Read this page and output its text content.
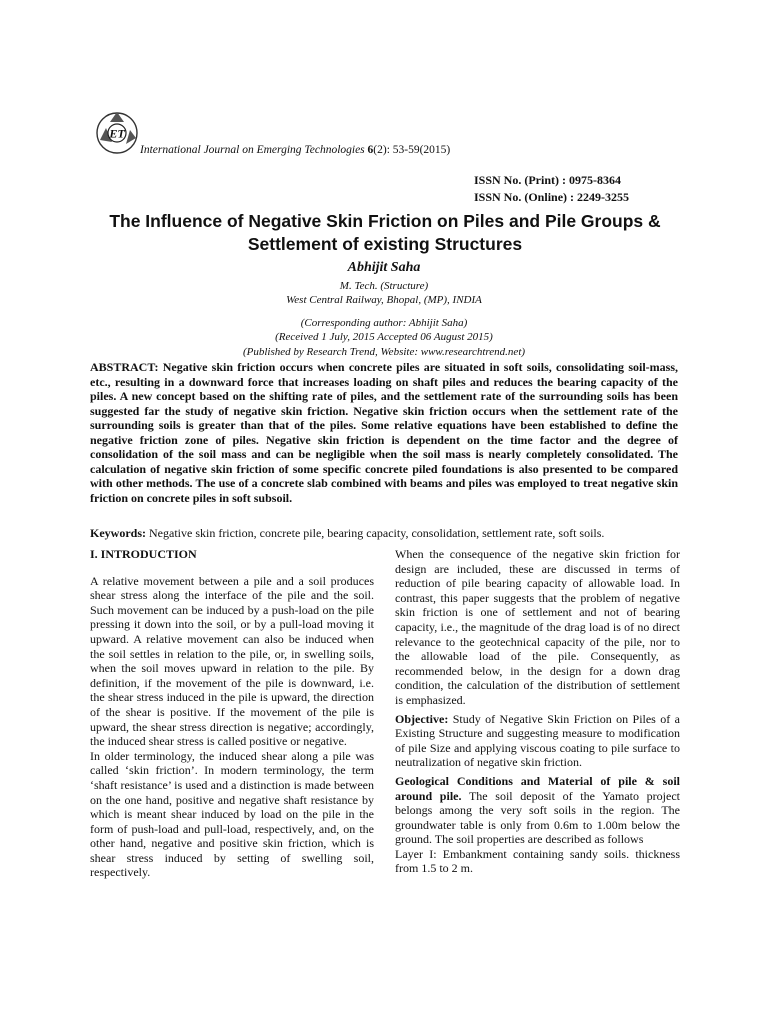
ET
International Journal on Emerging Technologies 6(2): 53-59(2015)
ISSN No. (Print) : 0975-8364
ISSN No. (Online) : 2249-3255
The Influence of Negative Skin Friction on Piles and Pile Groups &
Settlement of existing Structures
Abhijit Saha
M. Tech. (Structure)
West Central Railway, Bhopal, (MP), INDIA
(Corresponding author: Abhijit Saha)
(Received 1 July, 2015 Accepted 06 August 2015)
(Published by Research Trend, Website: www.researchtrend.net)
ABSTRACT: Negative skin friction occurs when concrete piles are situated in soft soils, consolidating soil-mass, etc., resulting in a downward force that increases loading on shaft piles and reduces the bearing capacity of the piles. A new concept based on the shifting rate of piles, and the settlement rate of the surrounding soils has been suggested far the study of negative skin friction. Negative skin friction occurs when the settlement rate of the surrounding soils is greater than that of the piles. Some relative equations have been established to define the negative friction zone of piles. Negative skin friction is dependent on the time factor and the degree of consolidation of the soil mass and can be negligible when the soil mass is nearly completely consolidated. The calculation of negative skin friction of some specific concrete piled foundations is also presented to be compared with other methods. The use of a concrete slab combined with beams and piles was employed to treat negative skin friction on concrete piles in soft subsoil.
Keywords: Negative skin friction, concrete pile, bearing capacity, consolidation, settlement rate, soft soils.
I. INTRODUCTION

A relative movement between a pile and a soil produces shear stress along the interface of the pile and the soil. Such movement can be induced by a push-load on the pile pressing it down into the soil, or by a pull-load moving it upward. A relative movement can also be induced when the soil settles in relation to the pile, or, in swelling soils, when the soil moves upward in relation to the pile. By definition, if the movement of the pile is downward, i.e. the shear stress induced in the pile is upward, the direction of the shear is positive. If the movement of the pile is upward, the shear stress direction is negative; accordingly, the induced shear stress is called positive or negative.

In older terminology, the induced shear along a pile was called ‘skin friction’. In modern terminology, the term ‘shaft resistance’ is used and a distinction is made between on the one hand, positive and negative shaft resistance by which is meant shear induced by load on the pile in the form of push-load and pull-load, respectively, and, on the other hand, negative and positive skin friction, which is shear stress induced by setting of swelling soil, respectively.

When the consequence of the negative skin friction for design are included, these are discussed in terms of reduction of pile bearing capacity of allowable load. In contrast, this paper suggests that the problem of negative skin friction is one of settlement and not of bearing capacity, i.e., the magnitude of the drag load is of no direct relevance to the geotechnical capacity of the pile, nor to the allowable load of the pile. Consequently, as recommended below, in the design for a down drag condition, the calculation of the distribution of settlement is emphasized.

Objective: Study of Negative Skin Friction on Piles of a Existing Structure and suggesting measure to modification of pile Size and applying viscous coating to pile surface to neutralization of negative skin friction.

Geological Conditions and Material of pile & soil around pile. The soil deposit of the Yamato project belongs among the very soft soils in the region. The groundwater table is only from 0.6m to 1.00m below the ground. The soil properties are described as follows

Layer I: Embankment containing sandy soils. thickness from 1.5 to 2 m.
